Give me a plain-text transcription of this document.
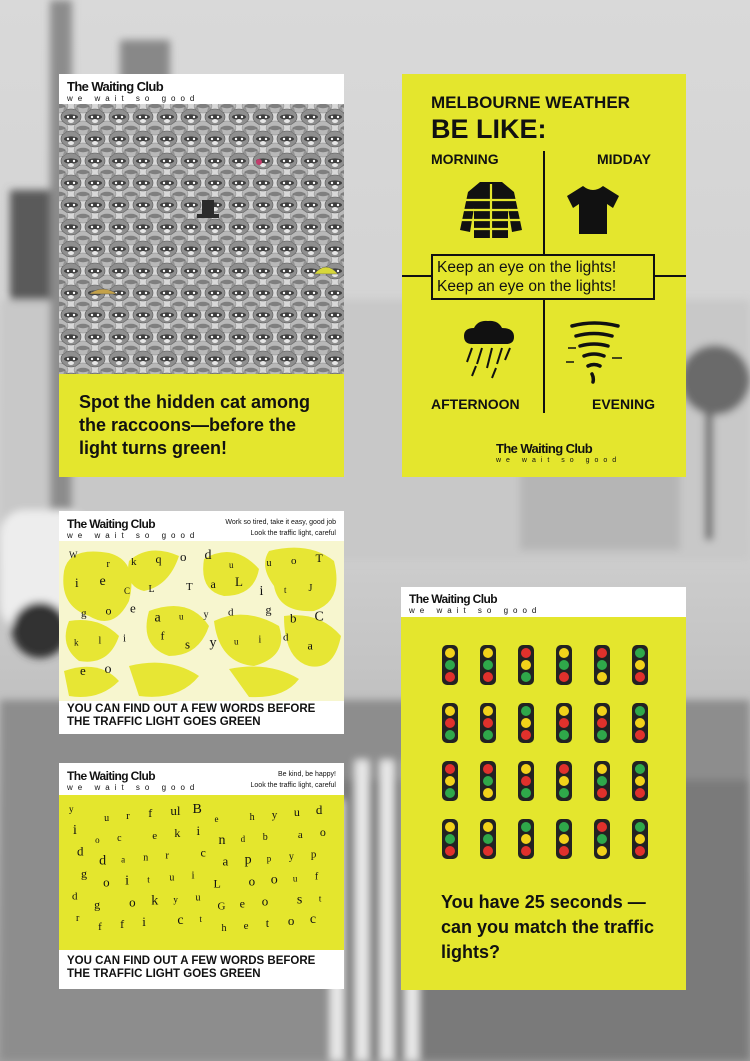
The Waiting Club
we wait so good
Spot the hidden cat among the raccoons—before the light turns green!
MELBOURNE WEATHER
BE LIKE:
MORNING	MIDDAY
AFTERNOON	EVENING
Keep an eye on the lights!
Keep an eye on the lights!
The Waiting Club
we wait so good
The Waiting Club
we wait so good
Work so tired, take it easy, good job
Look the traffic light, careful
W
r k q o d
u	u o T
i e
C L	T a L
i t J
g o e
a u y d	g
b C
k l i	f
s y u i d
a
e o
YOU CAN FIND OUT A FEW WORDS BEFORE
THE TRAFFIC LIGHT GOES GREEN
The Waiting Club
we wait so good
Be kind, be happy!
Look the traffic light, careful
y
u r f ul B
e	h y u d
i
o c	e k i
n d b	a o
d
d a n r	c
a p p y p
g
o i t u i
L o o u f
d
g o k y u
G e o s t
r
f f i c t
h e t o c
YOU CAN FIND OUT A FEW WORDS BEFORE
THE TRAFFIC LIGHT GOES GREEN
The Waiting Club
we wait so good
You have 25 seconds —can you match the traffic lights?
